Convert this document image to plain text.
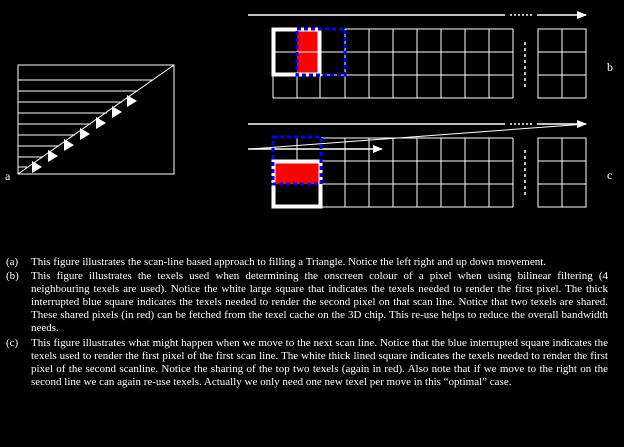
a
b
c
(a)	This figure illustrates the scan-line based approach to filling a Triangle. Notice the left right and up down movement.
(b)	This figure illustrates the texels used when determining the onscreen colour of a pixel when using bilinear filtering (4 neighbouring texels are used). Notice the white large square that indicates the texels needed to render the first pixel. The thick interrupted blue square indicates the texels needed to render the second pixel on that scan line. Notice that two texels are shared. These shared pixels (in red) can be fetched from the texel cache on the 3D chip. This re-use helps to reduce the overall bandwidth needs.
(c)	This figure illustrates what might happen when we move to the next scan line. Notice that the blue interrupted square indicates the texels used to render the first pixel of the first scan line. The white thick lined square indicates the texels needed to render the first pixel of the second scanline. Notice the sharing of the top two texels (again in red). Also note that if we move to the right on the second line we can again re-use texels. Actually we only need one new texel per move in this “optimal” case.
